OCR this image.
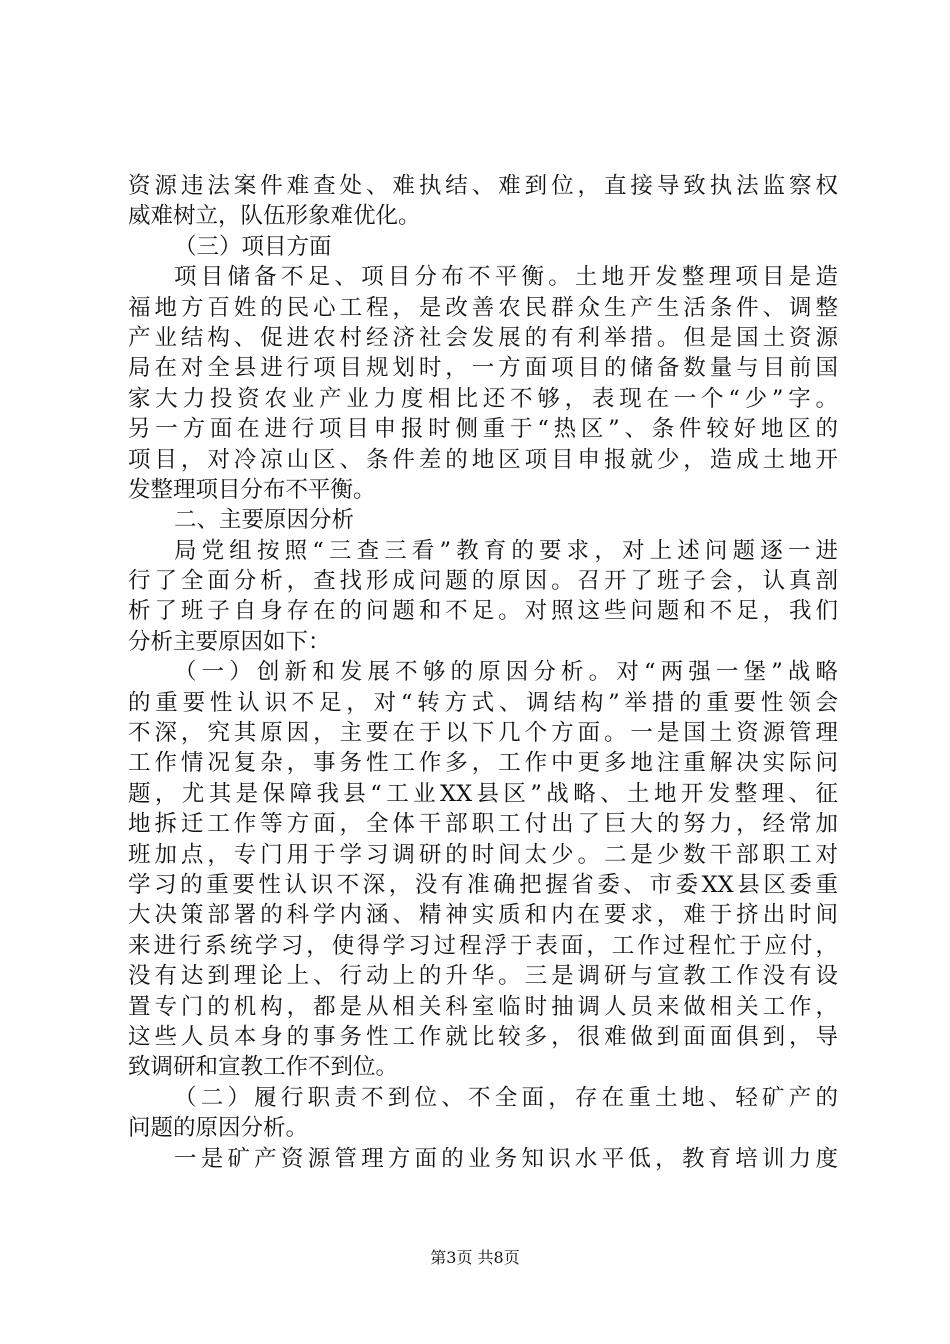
资源违法案件难查处、难执结、难到位，直接导致执法监察权
威难树立，队伍形象难优化。
（三）项目方面
项目储备不足、项目分布不平衡。土地开发整理项目是造
福地方百姓的民心工程，是改善农民群众生产生活条件、调整
产业结构、促进农村经济社会发展的有利举措。但是国土资源
局在对全县进行项目规划时，一方面项目的储备数量与目前国
家大力投资农业产业力度相比还不够，表现在一个“少”字。
另一方面在进行项目申报时侧重于“热区”、条件较好地区的
项目，对冷凉山区、条件差的地区项目申报就少，造成土地开
发整理项目分布不平衡。
二、主要原因分析
局党组按照“三查三看”教育的要求，对上述问题逐一进
行了全面分析，查找形成问题的原因。召开了班子会，认真剖
析了班子自身存在的问题和不足。对照这些问题和不足，我们
分析主要原因如下：
（一）创新和发展不够的原因分析。对“两强一堡”战略
的重要性认识不足，对“转方式、调结构”举措的重要性领会
不深，究其原因，主要在于以下几个方面。一是国土资源管理
工作情况复杂，事务性工作多，工作中更多地注重解决实际问
题，尤其是保障我县“工业XX县区”战略、土地开发整理、征
地拆迁工作等方面，全体干部职工付出了巨大的努力，经常加
班加点，专门用于学习调研的时间太少。二是少数干部职工对
学习的重要性认识不深，没有准确把握省委、市委XX县区委重
大决策部署的科学内涵、精神实质和内在要求，难于挤出时间
来进行系统学习，使得学习过程浮于表面，工作过程忙于应付，
没有达到理论上、行动上的升华。三是调研与宣教工作没有设
置专门的机构，都是从相关科室临时抽调人员来做相关工作，
这些人员本身的事务性工作就比较多，很难做到面面俱到，导
致调研和宣教工作不到位。
（二）履行职责不到位、不全面，存在重土地、轻矿产的
问题的原因分析。
一是矿产资源管理方面的业务知识水平低，教育培训力度
第3页 共8页
